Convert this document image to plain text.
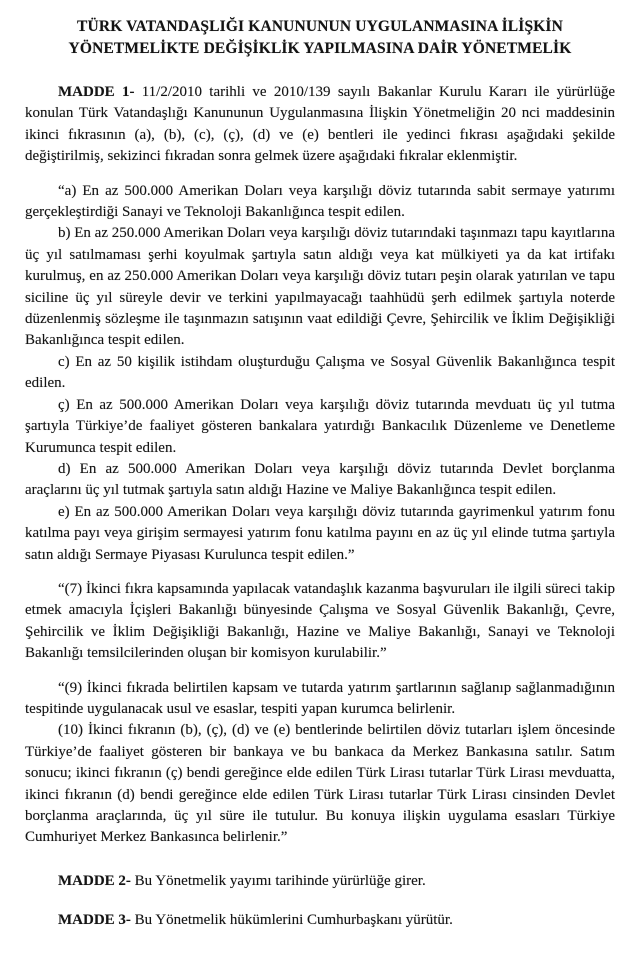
TÜRK VATANDAŞLIĞI KANUNUNUN UYGULANMASINA İLİŞKİN
YÖNETMELİKTE DEĞİŞİKLİK YAPILMASINA DAİR YÖNETMELİK

MADDE 1- 11/2/2010 tarihli ve 2010/139 sayılı Bakanlar Kurulu Kararı ile yürürlüğe konulan Türk Vatandaşlığı Kanununun Uygulanmasına İlişkin Yönetmeliğin 20 nci maddesinin ikinci fıkrasının (a), (b), (c), (ç), (d) ve (e) bentleri ile yedinci fıkrası aşağıdaki şekilde değiştirilmiş, sekizinci fıkradan sonra gelmek üzere aşağıdaki fıkralar eklenmiştir.

“a) En az 500.000 Amerikan Doları veya karşılığı döviz tutarında sabit sermaye yatırımı gerçekleştirdiği Sanayi ve Teknoloji Bakanlığınca tespit edilen.

b) En az 250.000 Amerikan Doları veya karşılığı döviz tutarındaki taşınmazı tapu kayıtlarına üç yıl satılmaması şerhi koyulmak şartıyla satın aldığı veya kat mülkiyeti ya da kat irtifakı kurulmuş, en az 250.000 Amerikan Doları veya karşılığı döviz tutarı peşin olarak yatırılan ve tapu siciline üç yıl süreyle devir ve terkini yapılmayacağı taahhüdü şerh edilmek şartıyla noterde düzenlenmiş sözleşme ile taşınmazın satışının vaat edildiği Çevre, Şehircilik ve İklim Değişikliği Bakanlığınca tespit edilen.

c) En az 50 kişilik istihdam oluşturduğu Çalışma ve Sosyal Güvenlik Bakanlığınca tespit edilen.

ç) En az 500.000 Amerikan Doları veya karşılığı döviz tutarında mevduatı üç yıl tutma şartıyla Türkiye’de faaliyet gösteren bankalara yatırdığı Bankacılık Düzenleme ve Denetleme Kurumunca tespit edilen.

d) En az 500.000 Amerikan Doları veya karşılığı döviz tutarında Devlet borçlanma araçlarını üç yıl tutmak şartıyla satın aldığı Hazine ve Maliye Bakanlığınca tespit edilen.

e) En az 500.000 Amerikan Doları veya karşılığı döviz tutarında gayrimenkul yatırım fonu katılma payı veya girişim sermayesi yatırım fonu katılma payını en az üç yıl elinde tutma şartıyla satın aldığı Sermaye Piyasası Kurulunca tespit edilen.”

“(7) İkinci fıkra kapsamında yapılacak vatandaşlık kazanma başvuruları ile ilgili süreci takip etmek amacıyla İçişleri Bakanlığı bünyesinde Çalışma ve Sosyal Güvenlik Bakanlığı, Çevre, Şehircilik ve İklim Değişikliği Bakanlığı, Hazine ve Maliye Bakanlığı, Sanayi ve Teknoloji Bakanlığı temsilcilerinden oluşan bir komisyon kurulabilir.”

“(9) İkinci fıkrada belirtilen kapsam ve tutarda yatırım şartlarının sağlanıp sağlanmadığının tespitinde uygulanacak usul ve esaslar, tespiti yapan kurumca belirlenir.

(10) İkinci fıkranın (b), (ç), (d) ve (e) bentlerinde belirtilen döviz tutarları işlem öncesinde Türkiye’de faaliyet gösteren bir bankaya ve bu bankaca da Merkez Bankasına satılır. Satım sonucu; ikinci fıkranın (ç) bendi gereğince elde edilen Türk Lirası tutarlar Türk Lirası mevduatta, ikinci fıkranın (d) bendi gereğince elde edilen Türk Lirası tutarlar Türk Lirası cinsinden Devlet borçlanma araçlarında, üç yıl süre ile tutulur. Bu konuya ilişkin uygulama esasları Türkiye Cumhuriyet Merkez Bankasınca belirlenir.”

MADDE 2- Bu Yönetmelik yayımı tarihinde yürürlüğe girer.

MADDE 3- Bu Yönetmelik hükümlerini Cumhurbaşkanı yürütür.
